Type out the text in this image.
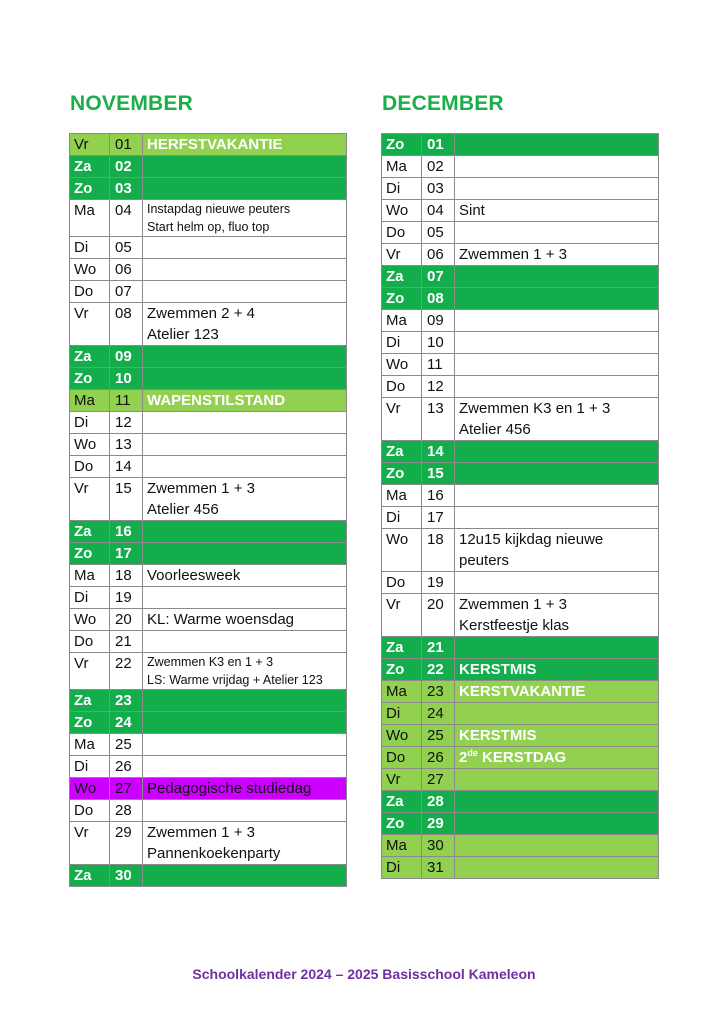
NOVEMBER	DECEMBER
Vr	01	HERFSTVAKANTIE

Za	02	
Zo	03	
Ma	04	Instapdag nieuwe peuters
Start helm op, fluo top

Di	05	
Wo	06	
Do	07	
Vr	08	Zwemmen 2 + 4
Atelier 123

Za	09	
Zo	10	
Ma	11	WAPENSTILSTAND

Di	12	
Wo	13	
Do	14	
Vr	15	Zwemmen 1 + 3
Atelier 456

Za	16	
Zo	17	
Ma	18	Voorleesweek

Di	19	
Wo	20	KL: Warme woensdag

Do	21	
Vr	22	Zwemmen K3 en 1 + 3
LS: Warme vrijdag + Atelier 123

Za	23	
Zo	24	
Ma	25	
Di	26	
Wo	27	Pedagogische studiedag

Do	28	
Vr	29	Zwemmen 1 + 3
Pannenkoekenparty

Za	30	
Zo	01	
Ma	02	
Di	03	
Wo	04	Sint

Do	05	
Vr	06	Zwemmen 1 + 3

Za	07	
Zo	08	
Ma	09	
Di	10	
Wo	11	
Do	12	
Vr	13	Zwemmen K3 en 1 + 3
Atelier 456

Za	14	
Zo	15	
Ma	16	
Di	17	
Wo	18	12u15 kijkdag nieuwe
peuters

Do	19	
Vr	20	Zwemmen 1 + 3
Kerstfeestje klas

Za	21	
Zo	22	KERSTMIS

Ma	23	KERSTVAKANTIE

Di	24	
Wo	25	KERSTMIS

Do	26	2de KERSTDAG

Vr	27	
Za	28	
Zo	29	
Ma	30	
Di	31	
Schoolkalender 2024 – 2025 Basisschool Kameleon
